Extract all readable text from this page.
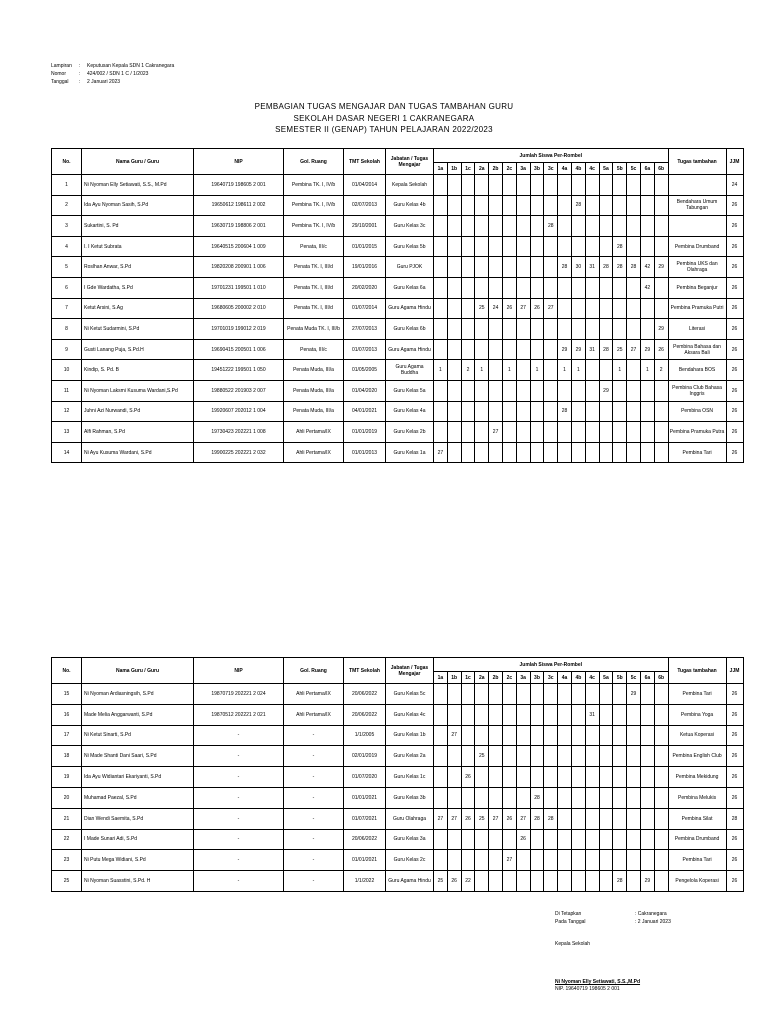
Lampiran	:	Keputusan Kepala SDN 1 Cakranegara
Nomor	:	424/002 / SDN 1 C / 1/2023
Tanggal	:	2 Januari 2023
PEMBAGIAN TUGAS MENGAJAR DAN TUGAS TAMBAHAN GURU
SEKOLAH DASAR NEGERI 1 CAKRANEGARA
SEMESTER II (GENAP) TAHUN PELAJARAN 2022/2023
No.	Nama Guru / Guru	NIP	Gol. Ruang	TMT Sekolah	Jabatan / Tugas Mengajar	Jumlah Siswa Per-Rombel																	Tugas tambahan	JJM
						1a	1b	1c	2a	2b	2c	3a	3b	3c	4a	4b	4c	5a	5b	5c	6a	6b		
1	Ni Nyoman Elly Setiawati, S.S., M.Pd	19640719 198605 2 001	Pembina TK. I, IV/b	01/04/2014	Kepala Sekolah																			24
2	Ida Ayu Nyoman Sasih, S.Pd	19650612 198611 2 002	Pembina TK. I, IV/b	02/07/2013	Guru Kelas 4b											28							Bendahara Umum Tabungan	26
3	Sukartini, S. Pd	19630719 198806 2 001	Pembina TK. I, IV/b	29/10/2001	Guru Kelas 3c									28										26
4	I. I Ketut Subrata	19640515 200604 1 009	Penata, III/c	01/01/2015	Guru Kelas 5b														28				Pembina Drumband	26
5	Roslhan Anwar, S.Pd	19820208 200901 1 006	Penata TK. I, III/d	19/01/2016	Guru PJOK										28	30	31	28	28	28	42	29	Pembina UKS dan Olahraga	26
6	I Gde Wardatha, S.Pd	19701231 199501 1 010	Penata TK. I, III/d	20/02/2020	Guru Kelas 6a																42		Pembina Beganjur	26
7	Ketut Arsini, S.Ag	19680605 200002 2 010	Penata TK. I, III/d	01/07/2014	Guru Agama Hindu				25	24	26	27	26	27									Pembina Pramuka Putri	26
8	Ni Ketut Sudarmini, S.Pd	19701019 199012 2 019	Penata Muda TK. I, III/b	27/07/2013	Guru Kelas 6b																	29	Literasi	26
9	Gusti Lanang Puja, S.Pd.H	19690415 200501 1 006	Penata, III/c	01/07/2013	Guru Agama Hindu										29	29	31	28	25	27	29	26	Pembina Bahasa dan Aksara Bali	26
10	Kindip, S. Pd. B	19451222 199501 1 050	Penata Muda, III/a	01/05/2005	Guru Agama Buddha	1		2	1		1		1		1	1			1		1	2	Bendahara BOS	26
11	Ni Nyoman Laksmi Kusuma Wardani,S.Pd	19880522 201903 2 007	Penata Muda, III/a	01/04/2020	Guru Kelas 5a													29					Pembina Club Bahasa Inggris	26
12	Juhni Azi Nurwandi, S.Pd	19920607 202012 1 004	Penata Muda, III/a	04/01/2021	Guru Kelas 4a										28								Pembina OSN	26
13	Alfi Rahman, S.Pd	19730423 202221 1 008	Ahli Pertama/IX	01/01/2019	Guru Kelas 2b					27													Pembina Pramuka Putra	26
14	Ni Ayu Kusuma Wardani, S.Pd	19900225 202221 2 032	Ahli Pertama/IX	01/01/2013	Guru Kelas 1a	27																	Pembina Tari	26
No.	Nama Guru / Guru	NIP	Gol. Ruang	TMT Sekolah	Jabatan / Tugas Mengajar	Jumlah Siswa Per-Rombel																	Tugas tambahan	JJM
						1a	1b	1c	2a	2b	2c	3a	3b	3c	4a	4b	4c	5a	5b	5c	6a	6b		
15	Ni Nyoman Ardiasningsih, S.Pd	19870719 202221 2 024	Ahli Pertama/IX	20/06/2022	Guru Kelas 5c															29			Pembina Tari	26
16	Made Melia Anggarwanti, S.Pd	19870512 202221 2 021	Ahli Pertama/IX	20/06/2022	Guru Kelas 4c												31						Pembina Yoga	26
17	Ni Ketut Sinarti, S.Pd	-	-	1/1/2005	Guru Kelas 1b		27																Ketua Koperasi	26
18	Ni Made Shanti Dani Saari, S.Pd	-	-	02/01/2019	Guru Kelas 2a				25														Pembina English Club	26
19	Ida Ayu Widiantari Ekariyanti, S.Pd	-	-	01/07/2020	Guru Kelas 1c			26															Pembina Mekidung	26
20	Muhamad Paezal, S.Pd	-	-	01/01/2021	Guru Kelas 3b								28										Pembina Melukis	26
21	Dian Wendi Saemita, S.Pd	-	-	01/07/2021	Guru Olahraga	27	27	26	25	27	26	27	28	28									Pembina Silat	28
22	I Made Sunari Adi, S.Pd	-	-	20/06/2022	Guru Kelas 3a							26											Pembina Drumband	26
23	Ni Putu Mega Widiani, S.Pd	-	-	01/01/2021	Guru Kelas 2c						27												Pembina Tari	26
25	Ni Nyoman Suasstini, S.Pd. H	-	-	1/1/2022	Guru Agama Hindu	25	26	22											28		29		Pengelola Koperasi	26
Di Tetapkan	: Cakranegara
Pada Tanggal	: 2 Januari 2023
Kepala Sekolah
Ni Nyoman Elly Setiawati, S.S.,M.Pd
NIP. 19640719 198605 2 001
